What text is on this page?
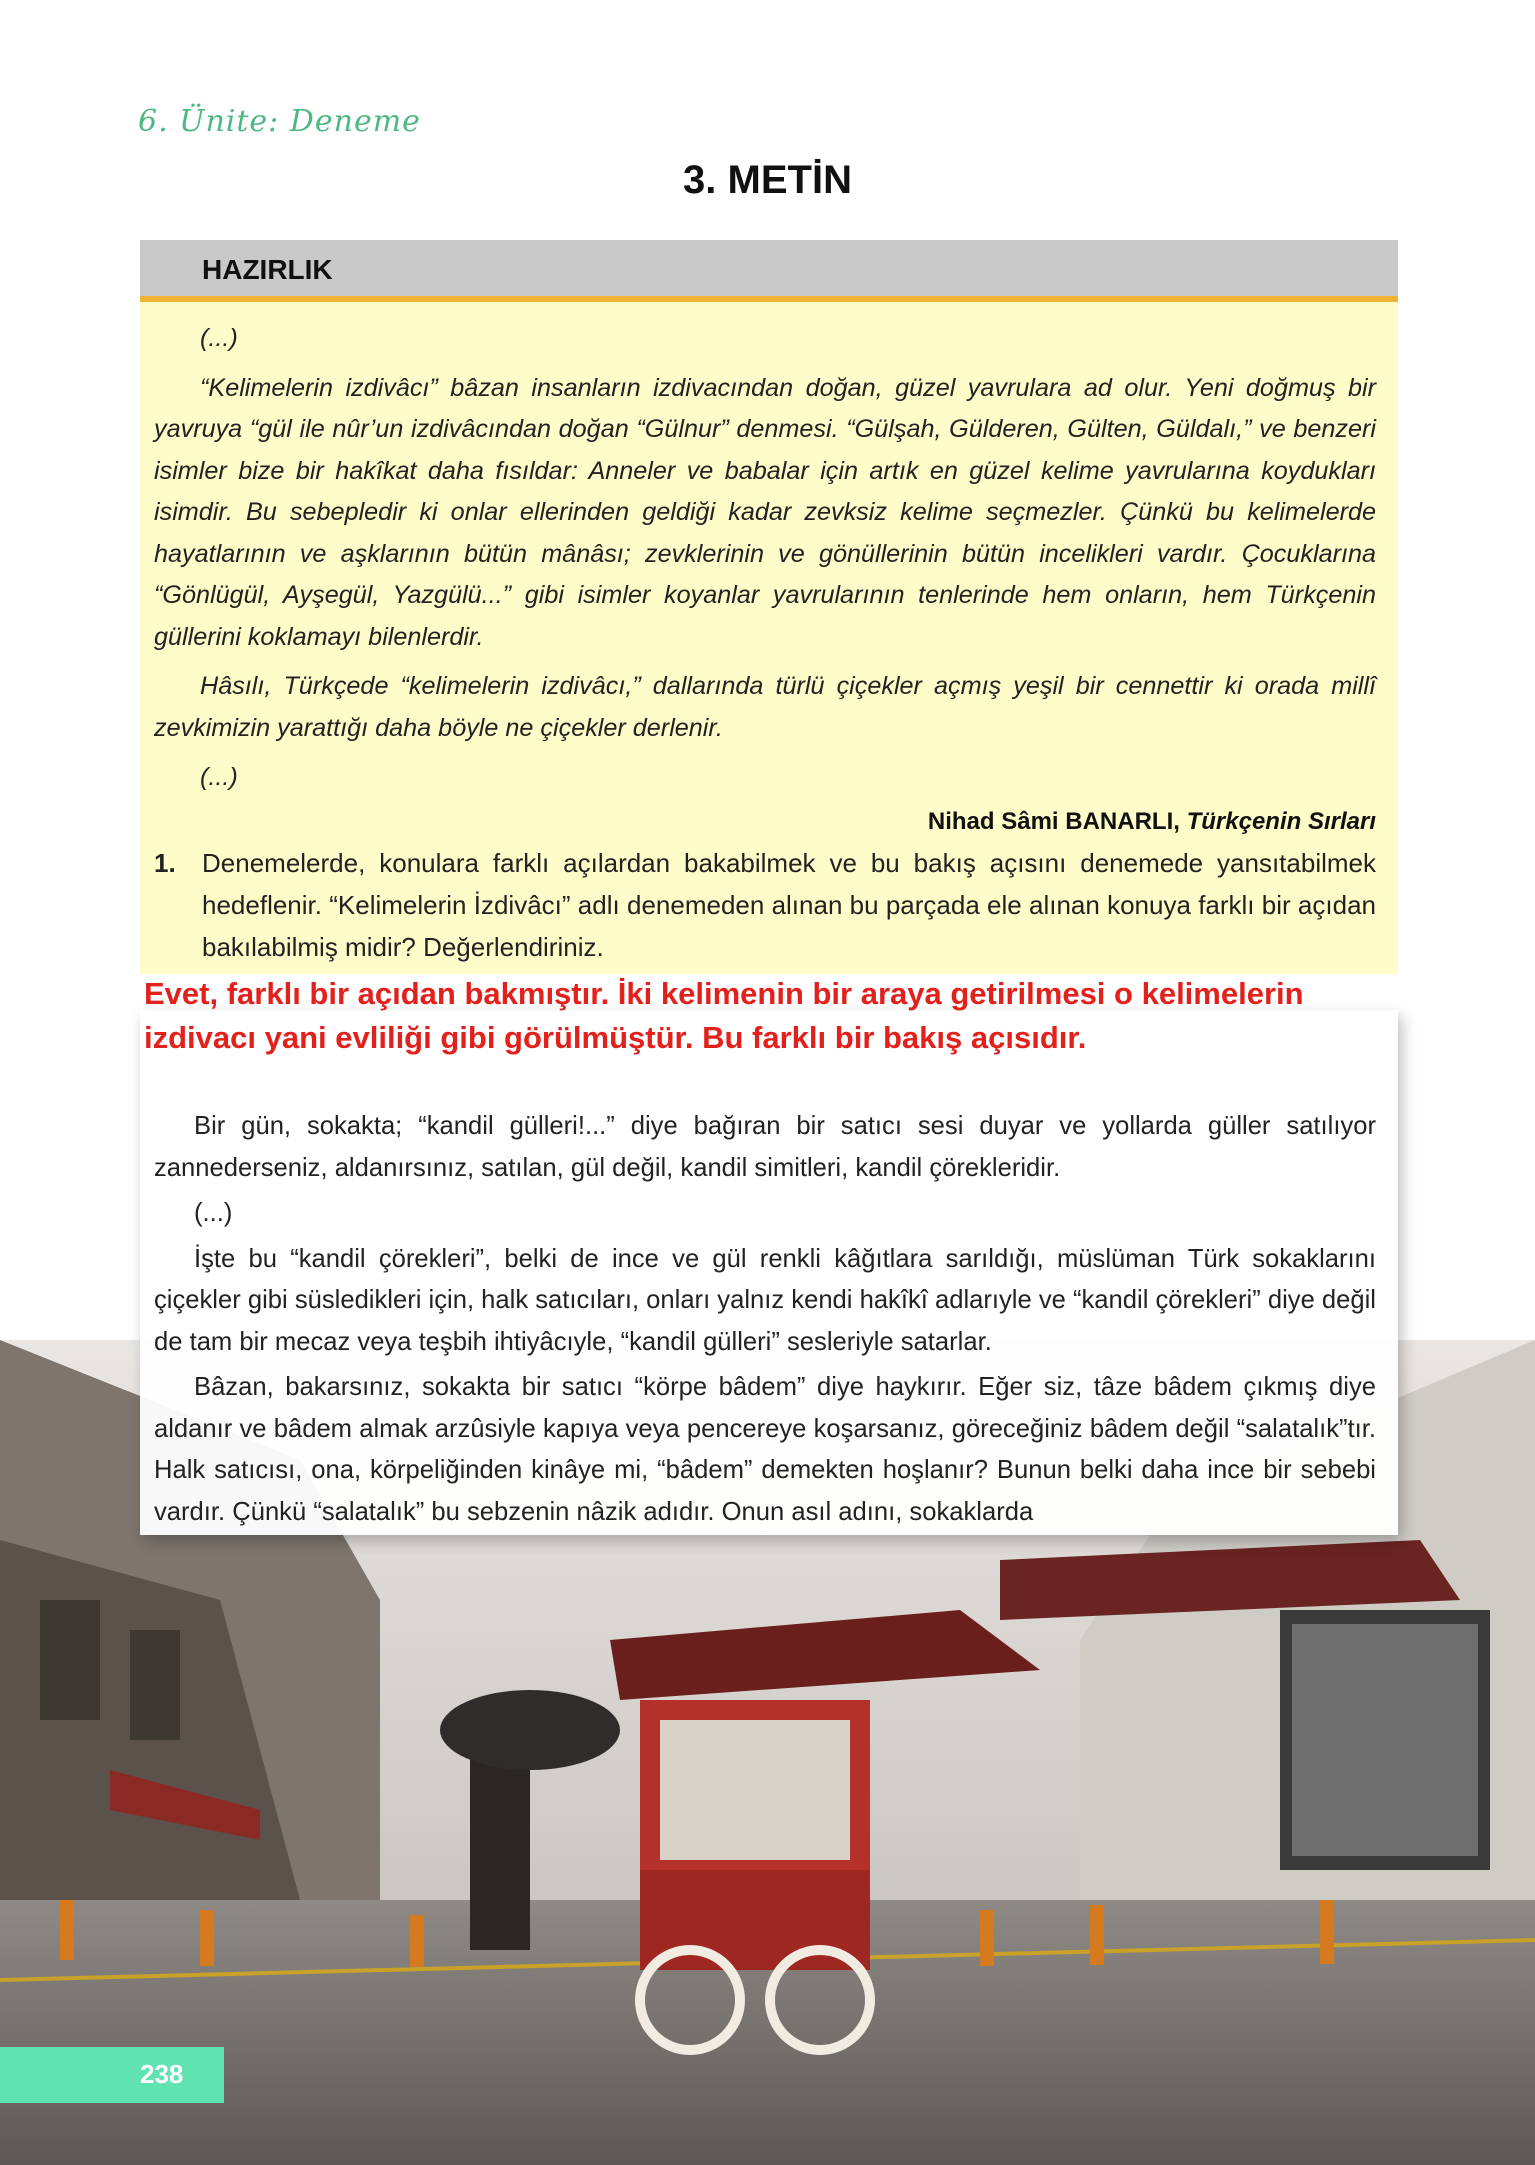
6. Ünite: Deneme
3. METİN
HAZIRLIK

(...)

“Kelimelerin izdivâcı” bâzan insanların izdivacından doğan, güzel yavrulara ad olur. Yeni doğmuş bir yavruya “gül ile nûr’un izdivâcından doğan “Gülnur” denmesi. “Gülşah, Gülderen, Gülten, Güldalı,” ve benzeri isimler bize bir hakîkat daha fısıldar: Anneler ve babalar için artık en güzel kelime yavrularına koydukları isimdir. Bu sebepledir ki onlar ellerinden geldiği kadar zevksiz kelime seçmezler. Çünkü bu kelimelerde hayatlarının ve aşklarının bütün mânâsı; zevklerinin ve gönüllerinin bütün incelikleri vardır. Çocuklarına “Gönlügül, Ayşegül, Yazgülü...” gibi isimler koyanlar yavrularının tenlerinde hem onların, hem Türkçenin güllerini koklamayı bilenlerdir.

Hâsılı, Türkçede “kelimelerin izdivâcı,” dallarında türlü çiçekler açmış yeşil bir cennettir ki orada millî zevkimizin yarattığı daha böyle ne çiçekler derlenir.

(...)

Nihad Sâmi BANARLI, Türkçenin Sırları
1. Denemelerde, konulara farklı açılardan bakabilmek ve bu bakış açısını denemede yansıtabilmek hedeflenir. “Kelimelerin İzdivâcı” adlı denemeden alınan bu parçada ele alınan konuya farklı bir açıdan bakılabilmiş midir? Değerlendiriniz.

Bir gün, sokakta; “kandil gülleri!...” diye bağıran bir satıcı sesi duyar ve yollarda güller satılıyor zannederseniz, aldanırsınız, satılan, gül değil, kandil simitleri, kandil çörekleridir.

(...)

İşte bu “kandil çörekleri”, belki de ince ve gül renkli kâğıtlara sarıldığı, müslüman Türk sokaklarını çiçekler gibi süsledikleri için, halk satıcıları, onları yalnız kendi hakîkî adlarıyle ve “kandil çörekleri” diye değil de tam bir mecaz veya teşbih ihtiyâcıyle, “kandil gülleri” sesleriyle satarlar.

Bâzan, bakarsınız, sokakta bir satıcı “körpe bâdem” diye haykırır. Eğer siz, tâze bâdem çıkmış diye aldanır ve bâdem almak arzûsiyle kapıya veya pencereye koşarsanız, göreceğiniz bâdem değil “salatalık”tır. Halk satıcısı, ona, körpeliğinden kinâye mi, “bâdem” demekten hoşlanır? Bunun belki daha ince bir sebebi vardır. Çünkü “salatalık” bu sebzenin nâzik adıdır. Onun asıl adını, sokaklarda

Evet, farklı bir açıdan bakmıştır. İki kelimenin bir araya getirilmesi o kelimelerin izdivacı yani evliliği gibi görülmüştür. Bu farklı bir bakış açısıdır.
238
